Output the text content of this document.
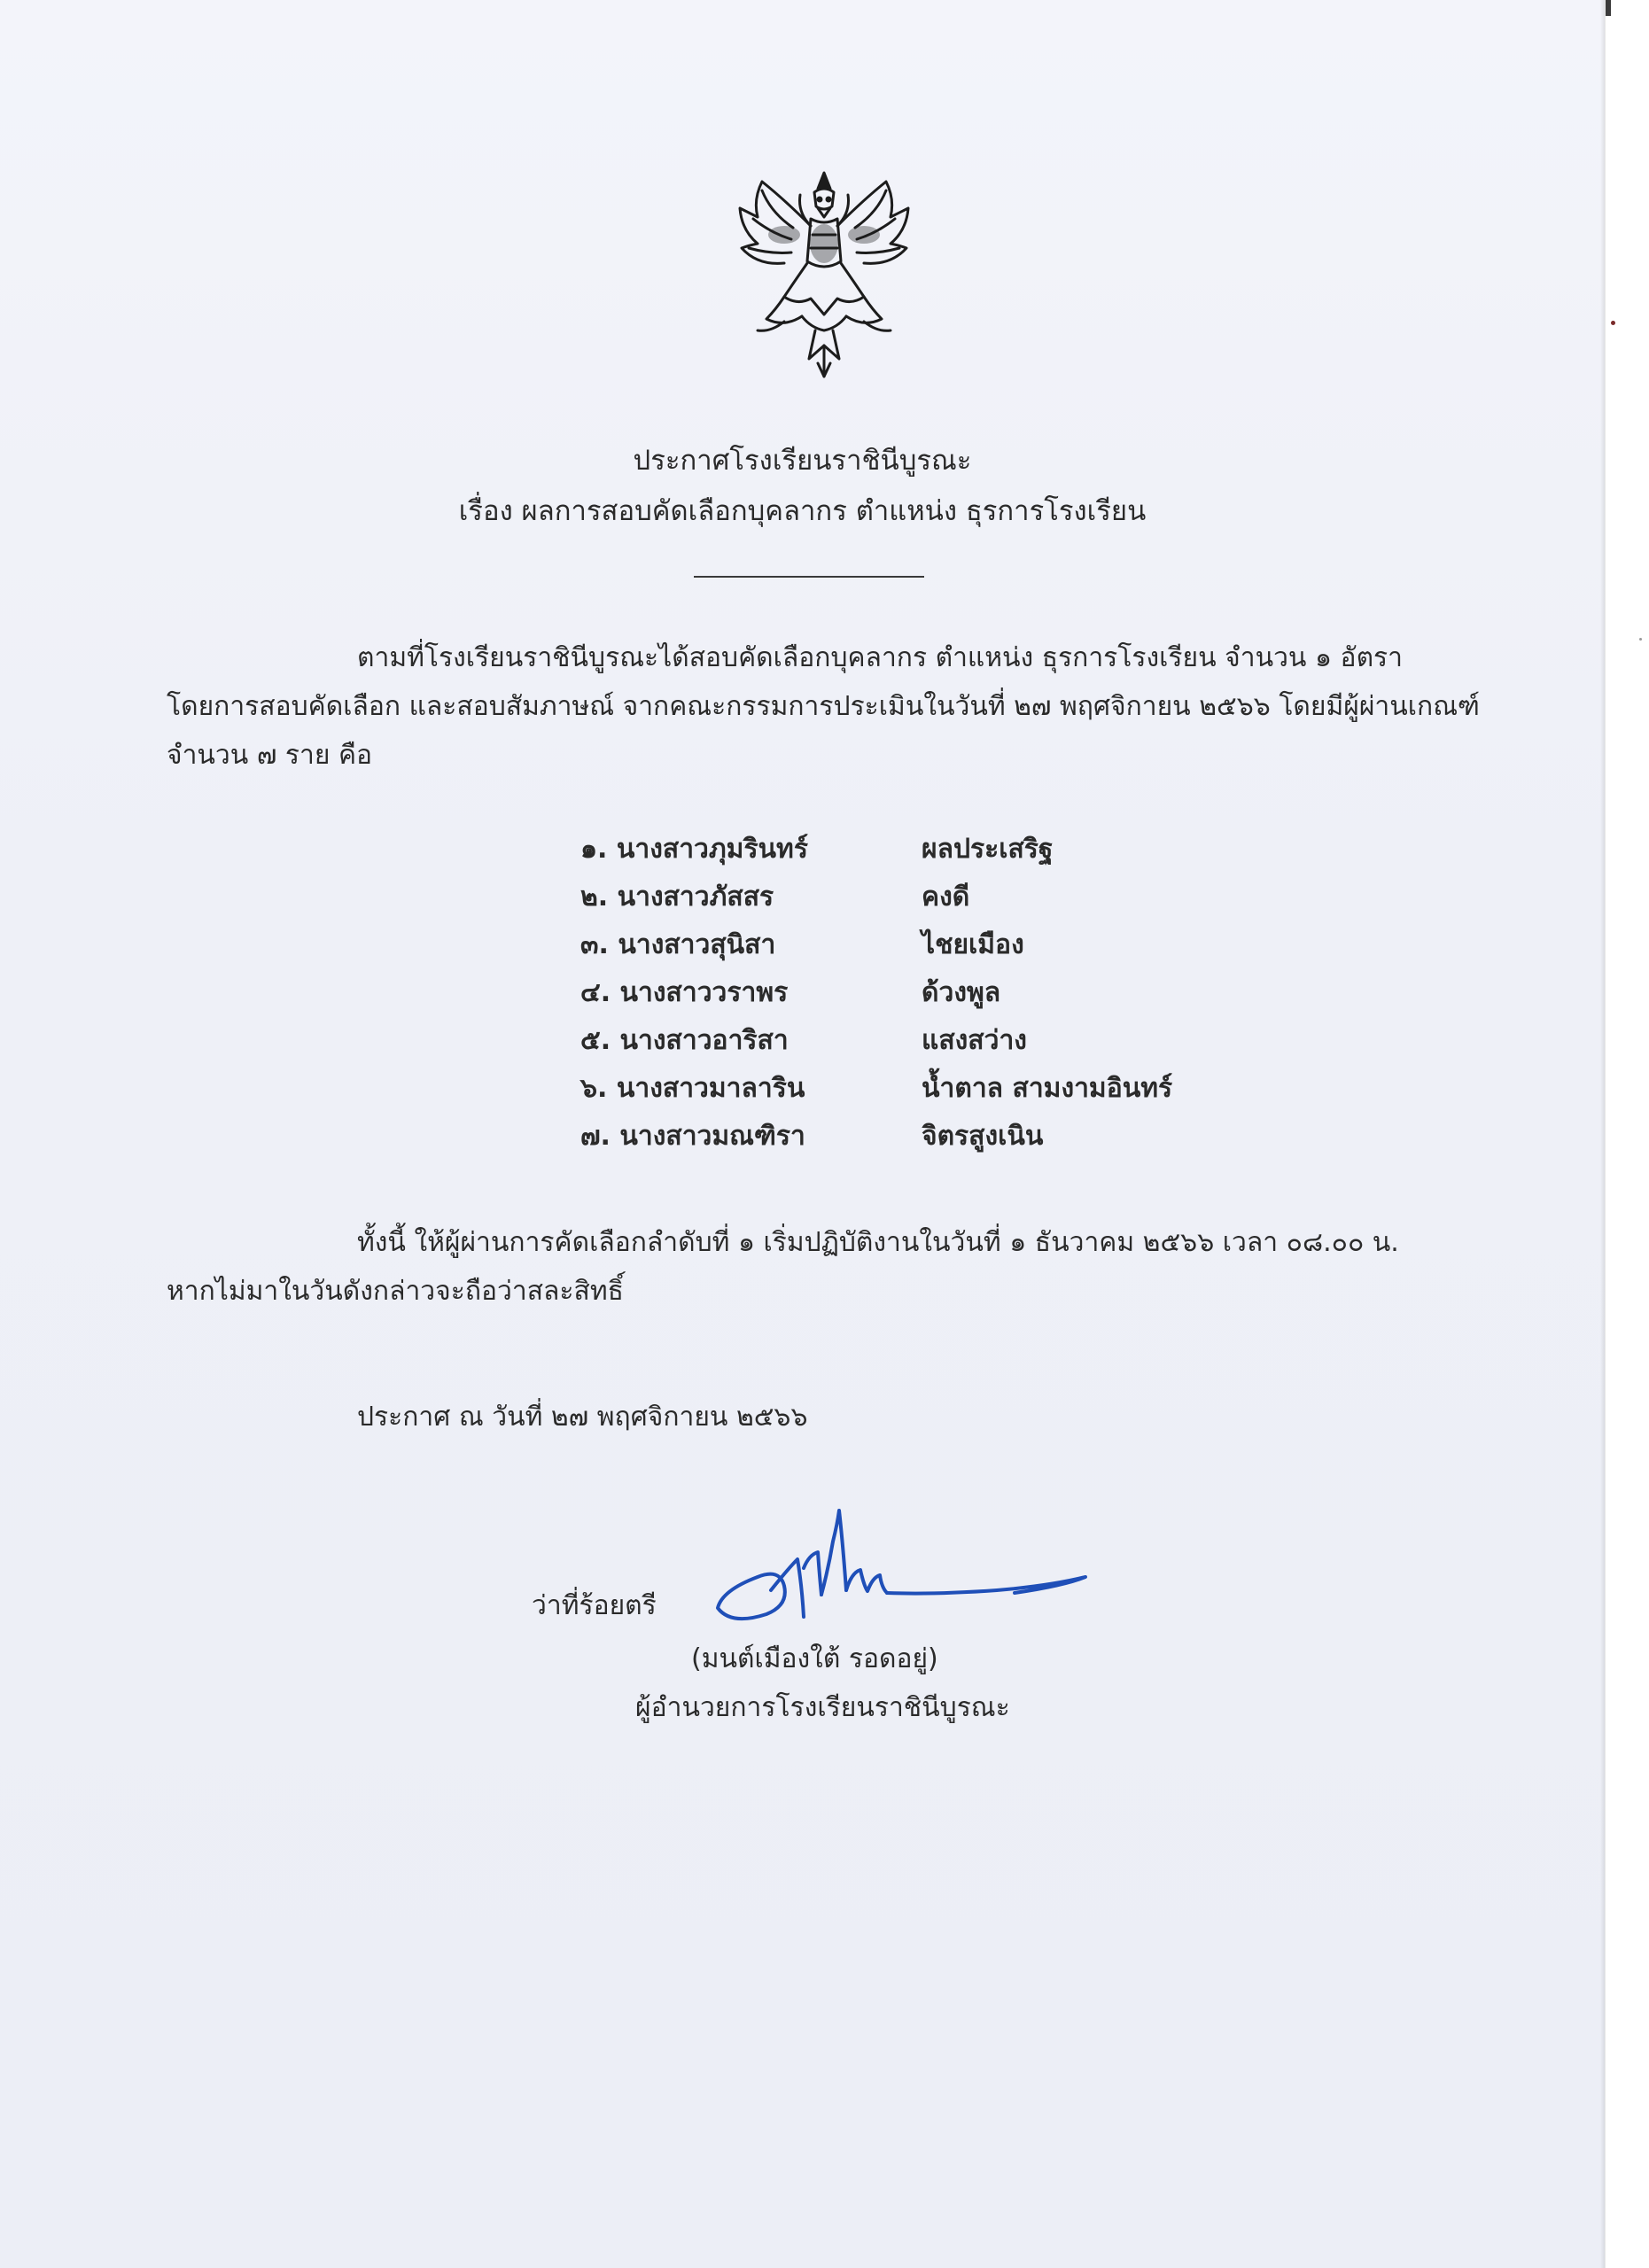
ประกาศโรงเรียนราชินีบูรณะ
เรื่อง ผลการสอบคัดเลือกบุคลากร ตำแหน่ง ธุรการโรงเรียน
ตามที่โรงเรียนราชินีบูรณะได้สอบคัดเลือกบุคลากร ตำแหน่ง ธุรการโรงเรียน จำนวน ๑ อัตรา
โดยการสอบคัดเลือก และสอบสัมภาษณ์ จากคณะกรรมการประเมินในวันที่ ๒๗ พฤศจิกายน ๒๕๖๖ โดยมีผู้ผ่านเกณฑ์
จำนวน ๗ ราย คือ
๑. นางสาวภุมรินทร์	ผลประเสริฐ
๒. นางสาวภัสสร	คงดี
๓. นางสาวสุนิสา	ไชยเมือง
๔. นางสาววราพร	ด้วงพูล
๕. นางสาวอาริสา	แสงสว่าง
๖. นางสาวมาลาริน	น้ำตาล สามงามอินทร์
๗. นางสาวมณฑิรา	จิตรสูงเนิน
ทั้งนี้ ให้ผู้ผ่านการคัดเลือกลำดับที่ ๑ เริ่มปฏิบัติงานในวันที่ ๑ ธันวาคม ๒๕๖๖ เวลา ๐๘.๐๐ น.
หากไม่มาในวันดังกล่าวจะถือว่าสละสิทธิ์
ประกาศ ณ วันที่ ๒๗ พฤศจิกายน ๒๕๖๖
ว่าที่ร้อยตรี
(มนต์เมืองใต้ รอดอยู่)
ผู้อำนวยการโรงเรียนราชินีบูรณะ
